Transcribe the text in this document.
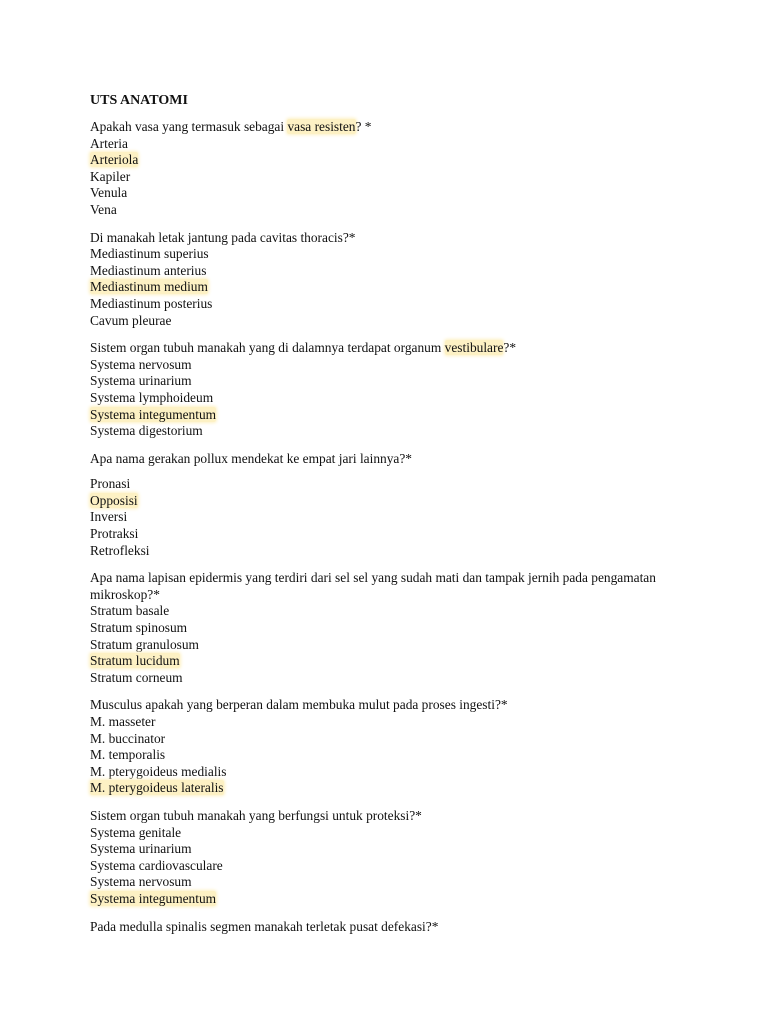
UTS ANATOMI
Apakah vasa yang termasuk sebagai vasa resisten? *
Arteria
Arteriola
Kapiler
Venula
Vena
Di manakah letak jantung pada cavitas thoracis?*
Mediastinum superius
Mediastinum anterius
Mediastinum medium
Mediastinum posterius
Cavum pleurae
Sistem organ tubuh manakah yang di dalamnya terdapat organum vestibulare?*
Systema nervosum
Systema urinarium
Systema lymphoideum
Systema integumentum
Systema digestorium
Apa nama gerakan pollux mendekat ke empat jari lainnya?*
Pronasi
Opposisi
Inversi
Protraksi
Retrofleksi
Apa nama lapisan epidermis yang terdiri dari sel sel yang sudah mati dan tampak jernih pada pengamatan mikroskop?*
Stratum basale
Stratum spinosum
Stratum granulosum
Stratum lucidum
Stratum corneum
Musculus apakah yang berperan dalam membuka mulut pada proses ingesti?*
M. masseter
M. buccinator
M. temporalis
M. pterygoideus medialis
M. pterygoideus lateralis
Sistem organ tubuh manakah yang berfungsi untuk proteksi?*
Systema genitale
Systema urinarium
Systema cardiovasculare
Systema nervosum
Systema integumentum
Pada medulla spinalis segmen manakah terletak pusat defekasi?*
